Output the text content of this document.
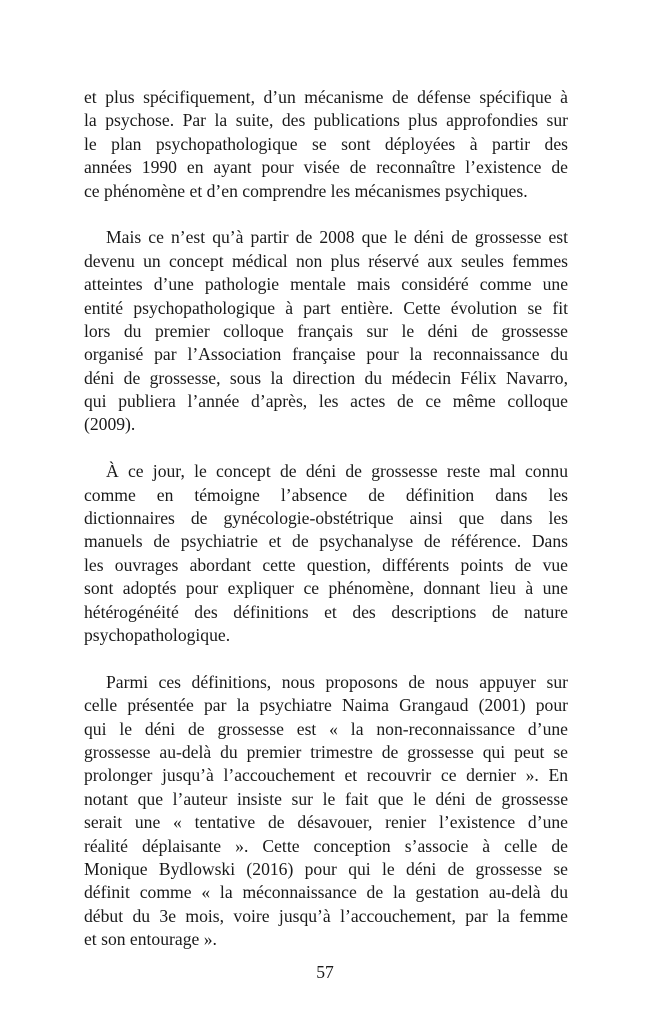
et plus spécifiquement, d’un mécanisme de défense spécifique à
la psychose. Par la suite, des publications plus approfondies sur
le plan psychopathologique se sont déployées à partir des
années 1990 en ayant pour visée de reconnaître l’existence de
ce phénomène et d’en comprendre les mécanismes psychiques.

Mais ce n’est qu’à partir de 2008 que le déni de grossesse est
devenu un concept médical non plus réservé aux seules femmes
atteintes d’une pathologie mentale mais considéré comme une
entité psychopathologique à part entière. Cette évolution se fit
lors du premier colloque français sur le déni de grossesse
organisé par l’Association française pour la reconnaissance du
déni de grossesse, sous la direction du médecin Félix Navarro,
qui publiera l’année d’après, les actes de ce même colloque
(2009).

À ce jour, le concept de déni de grossesse reste mal connu
comme en témoigne l’absence de définition dans les
dictionnaires de gynécologie-obstétrique ainsi que dans les
manuels de psychiatrie et de psychanalyse de référence. Dans
les ouvrages abordant cette question, différents points de vue
sont adoptés pour expliquer ce phénomène, donnant lieu à une
hétérogénéité des définitions et des descriptions de nature
psychopathologique.

Parmi ces définitions, nous proposons de nous appuyer sur
celle présentée par la psychiatre Naima Grangaud (2001) pour
qui le déni de grossesse est « la non-reconnaissance d’une
grossesse au-delà du premier trimestre de grossesse qui peut se
prolonger jusqu’à l’accouchement et recouvrir ce dernier ». En
notant que l’auteur insiste sur le fait que le déni de grossesse
serait une « tentative de désavouer, renier l’existence d’une
réalité déplaisante ». Cette conception s’associe à celle de
Monique Bydlowski (2016) pour qui le déni de grossesse se
définit comme « la méconnaissance de la gestation au-delà du
début du 3e mois, voire jusqu’à l’accouchement, par la femme
et son entourage ».

57
